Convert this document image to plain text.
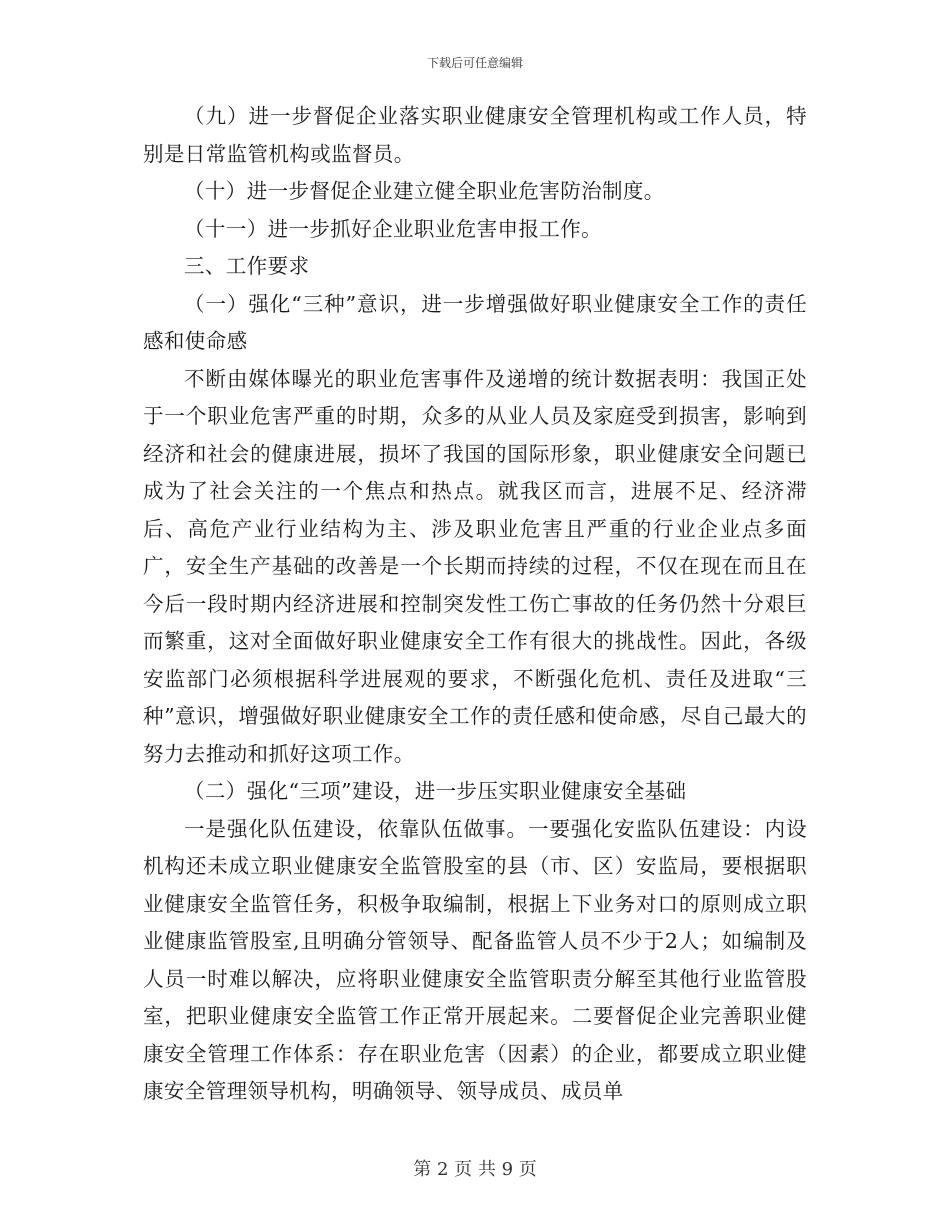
下载后可任意编辑

（九）进一步督促企业落实职业健康安全管理机构或工作人员，特别是日常监管机构或监督员。

（十）进一步督促企业建立健全职业危害防治制度。

（十一）进一步抓好企业职业危害申报工作。

三、工作要求

（一）强化“三种”意识，进一步增强做好职业健康安全工作的责任感和使命感

不断由媒体曝光的职业危害事件及递增的统计数据表明：我国正处于一个职业危害严重的时期，众多的从业人员及家庭受到损害，影响到经济和社会的健康进展，损坏了我国的国际形象，职业健康安全问题已成为了社会关注的一个焦点和热点。就我区而言，进展不足、经济滞后、高危产业行业结构为主、涉及职业危害且严重的行业企业点多面广，安全生产基础的改善是一个长期而持续的过程，不仅在现在而且在今后一段时期内经济进展和控制突发性工伤亡事故的任务仍然十分艰巨而繁重，这对全面做好职业健康安全工作有很大的挑战性。因此，各级安监部门必须根据科学进展观的要求，不断强化危机、责任及进取“三种”意识，增强做好职业健康安全工作的责任感和使命感，尽自己最大的努力去推动和抓好这项工作。

（二）强化“三项”建设，进一步压实职业健康安全基础

一是强化队伍建设，依靠队伍做事。一要强化安监队伍建设：内设机构还未成立职业健康安全监管股室的县（市、区）安监局，要根据职业健康安全监管任务，积极争取编制，根据上下业务对口的原则成立职业健康监管股室,且明确分管领导、配备监管人员不少于2人；如编制及人员一时难以解决，应将职业健康安全监管职责分解至其他行业监管股室，把职业健康安全监管工作正常开展起来。二要督促企业完善职业健康安全管理工作体系：存在职业危害（因素）的企业，都要成立职业健康安全管理领导机构，明确领导、领导成员、成员单

第 2 页 共 9 页
